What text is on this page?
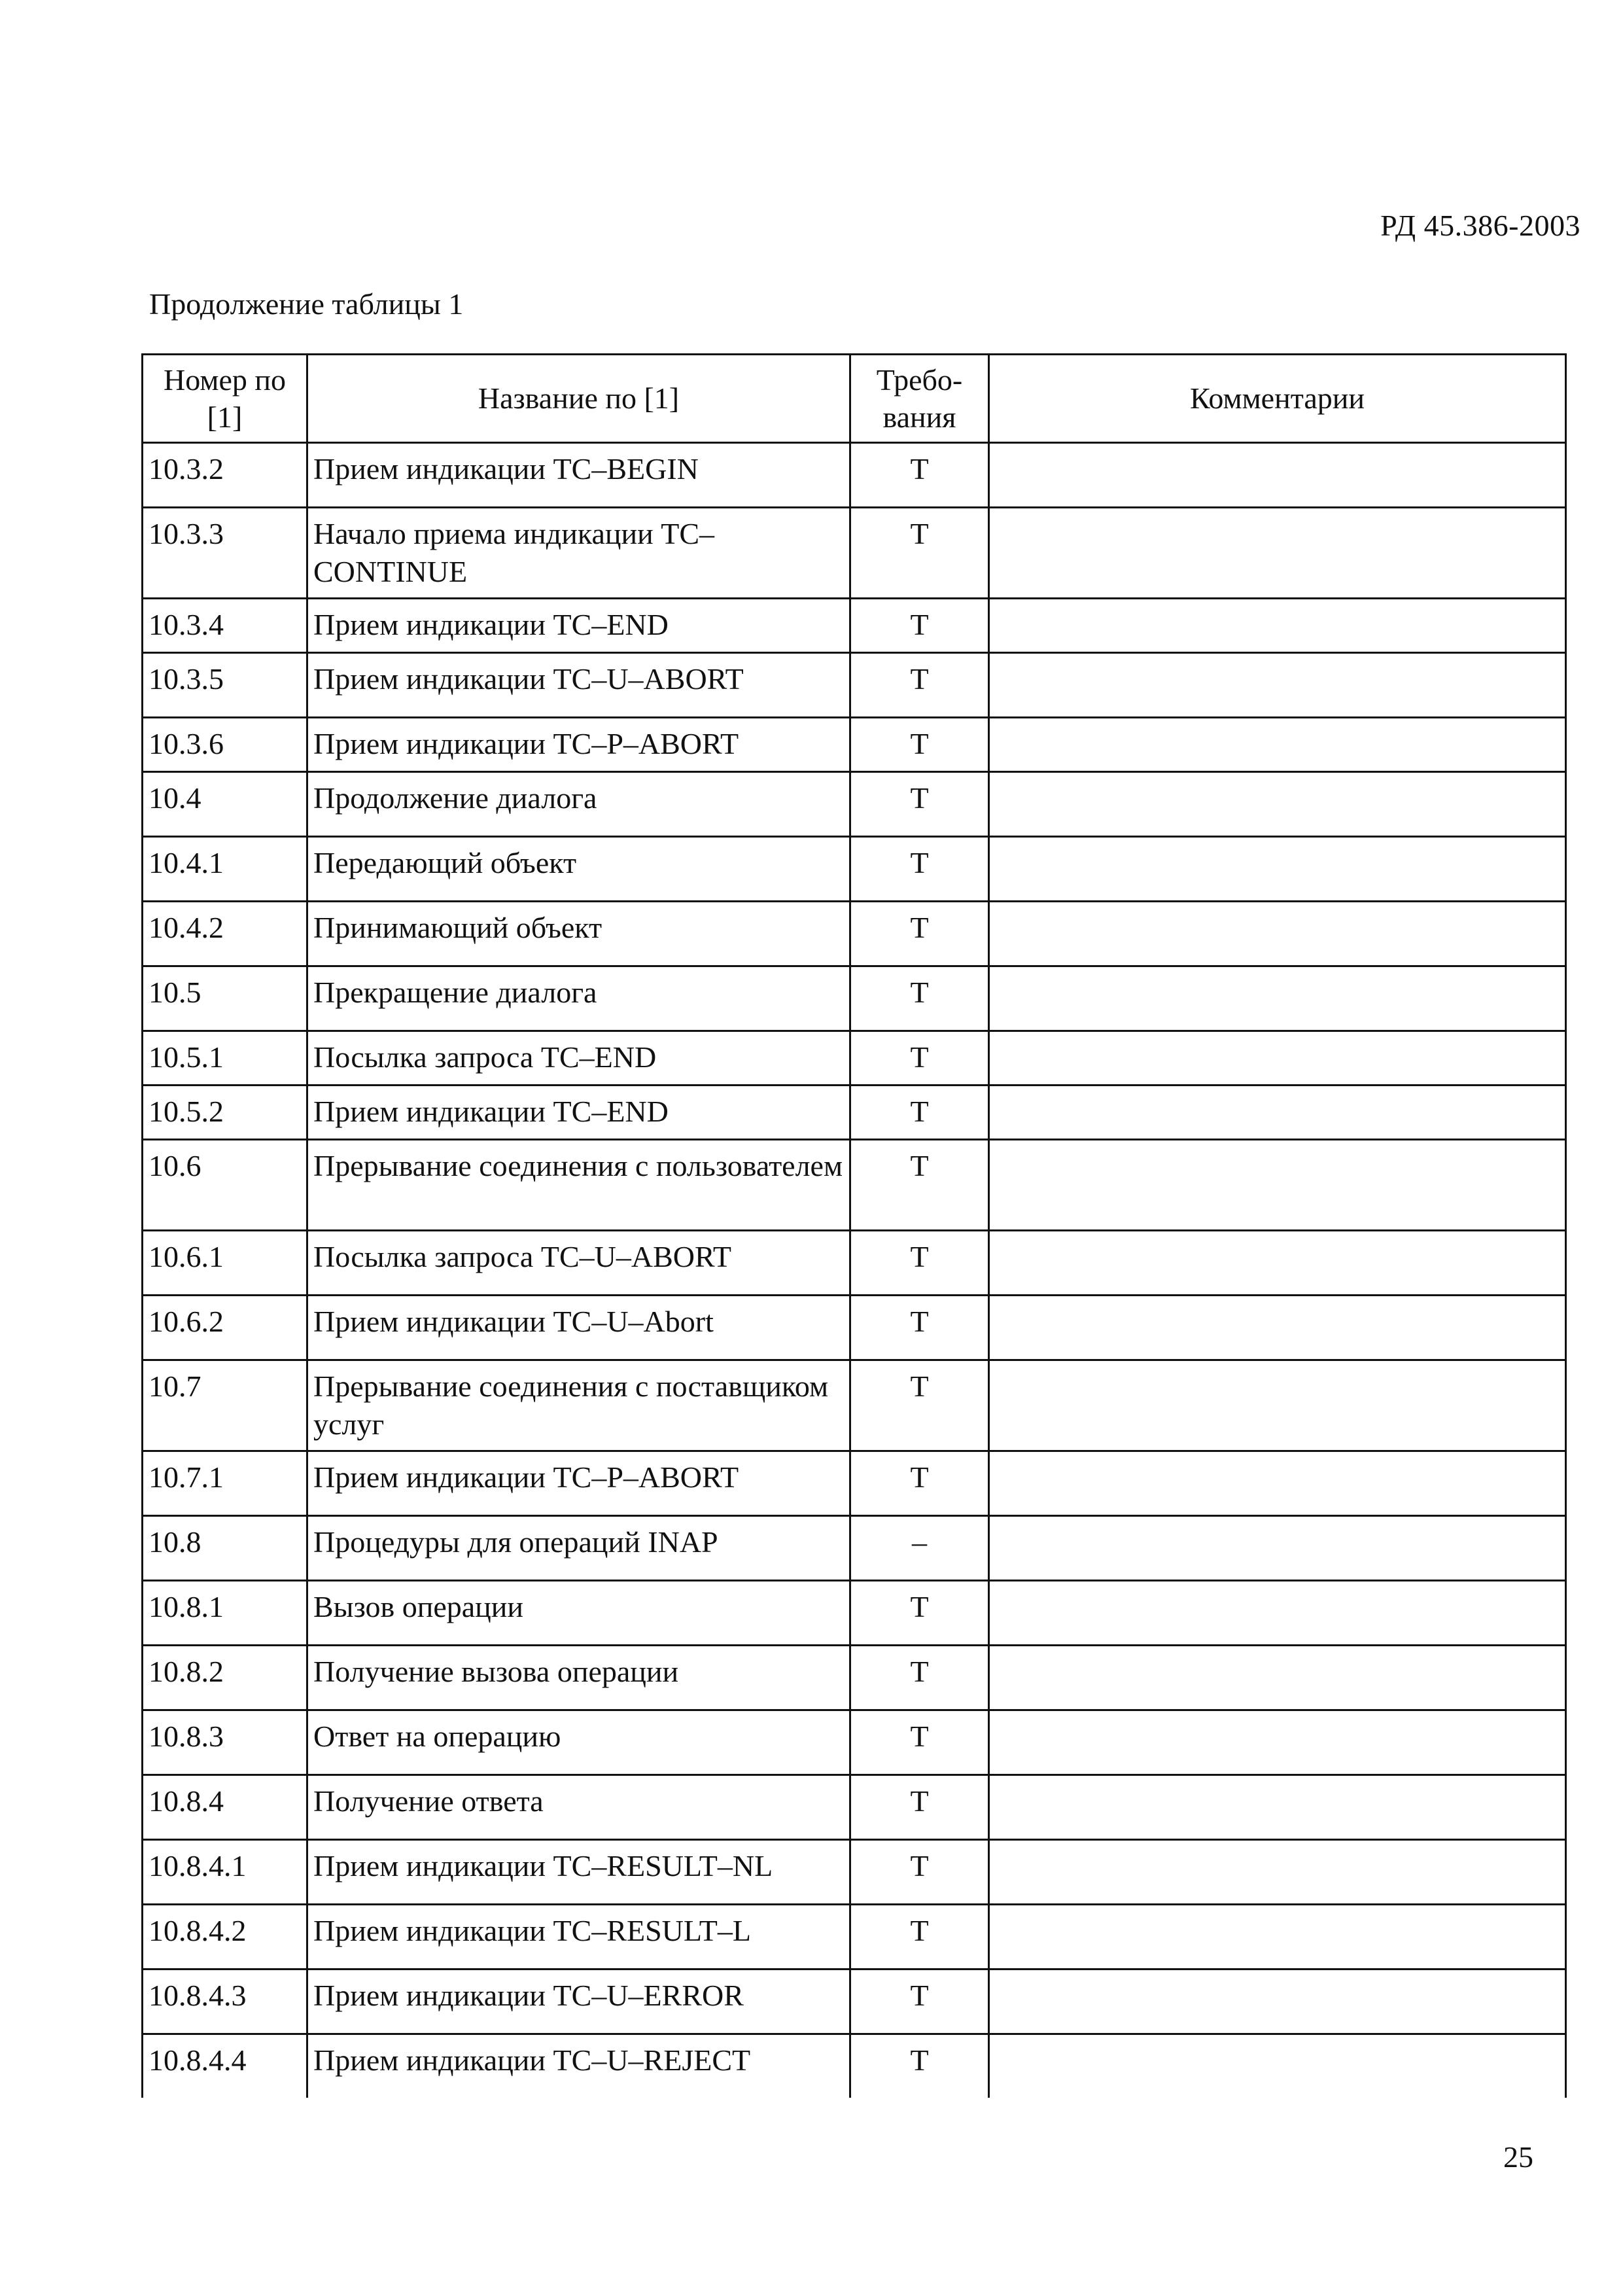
РД 45.386-2003
Продолжение таблицы 1
Номер по [1]	Название по [1]	Требо-вания	Комментарии
10.3.2	Прием индикации TC–BEGIN	Т	
10.3.3	Начало приема индикации TC–CONTINUE	Т	
10.3.4	Прием индикации TC–END	Т	
10.3.5	Прием индикации TC–U–ABORT	Т	
10.3.6	Прием индикации TC–P–ABORT	Т	
10.4	Продолжение диалога	Т	
10.4.1	Передающий объект	Т	
10.4.2	Принимающий объект	Т	
10.5	Прекращение диалога	Т	
10.5.1	Посылка запроса TC–END	Т	
10.5.2	Прием индикации TC–END	Т	
10.6	Прерывание соединения с пользователем	Т	
10.6.1	Посылка запроса TC–U–ABORT	Т	
10.6.2	Прием индикации TC–U–Abort	Т	
10.7	Прерывание соединения с поставщиком услуг	Т	
10.7.1	Прием индикации TC–P–ABORT	Т	
10.8	Процедуры для операций INAP	–	
10.8.1	Вызов операции	Т	
10.8.2	Получение вызова операции	Т	
10.8.3	Ответ на операцию	Т	
10.8.4	Получение ответа	Т	
10.8.4.1	Прием индикации TC–RESULT–NL	Т	
10.8.4.2	Прием индикации TC–RESULT–L	Т	
10.8.4.3	Прием индикации TC–U–ERROR	Т	
10.8.4.4	Прием индикации TC–U–REJECT	Т	
25
